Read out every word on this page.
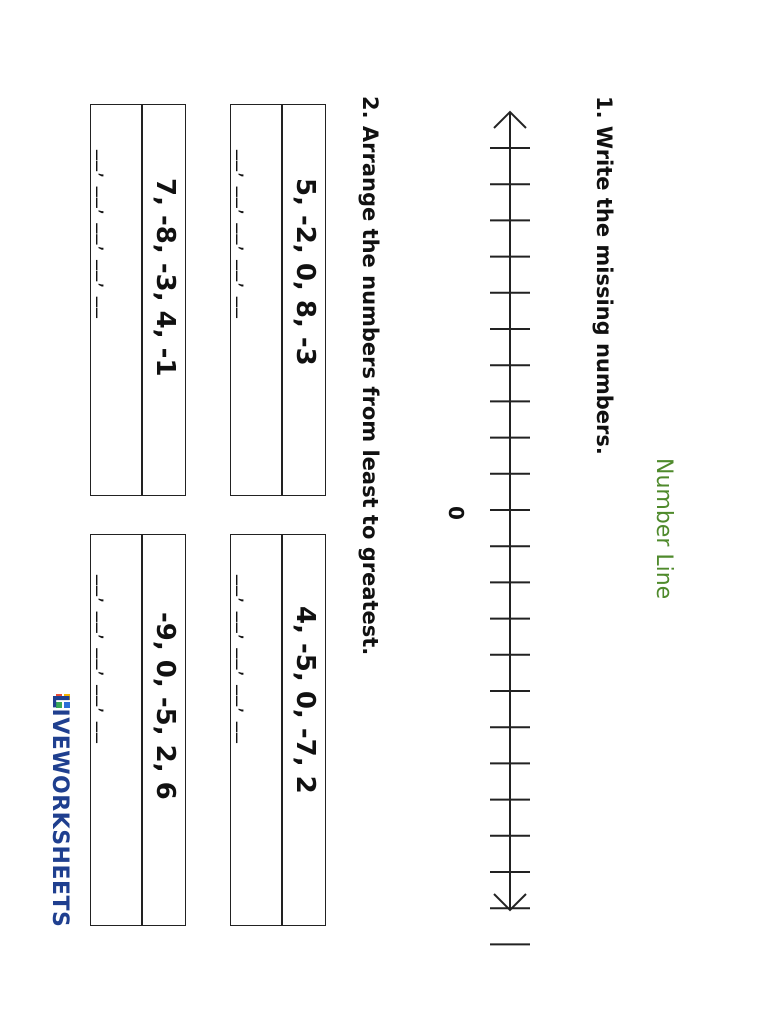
Number Line
1. Write the missing numbers.
0
2. Arrange the numbers from least to greatest.
5, -2, 0, 8, -3
__, __, __, __, __
4, -5, 0, -7, 2
__, __, __, __, __
7, -8, -3, 4, -1
__, __, __, __, __
-9, 0, -5, 2, 6
__, __, __, __, __
LIVEWORKSHEETS
